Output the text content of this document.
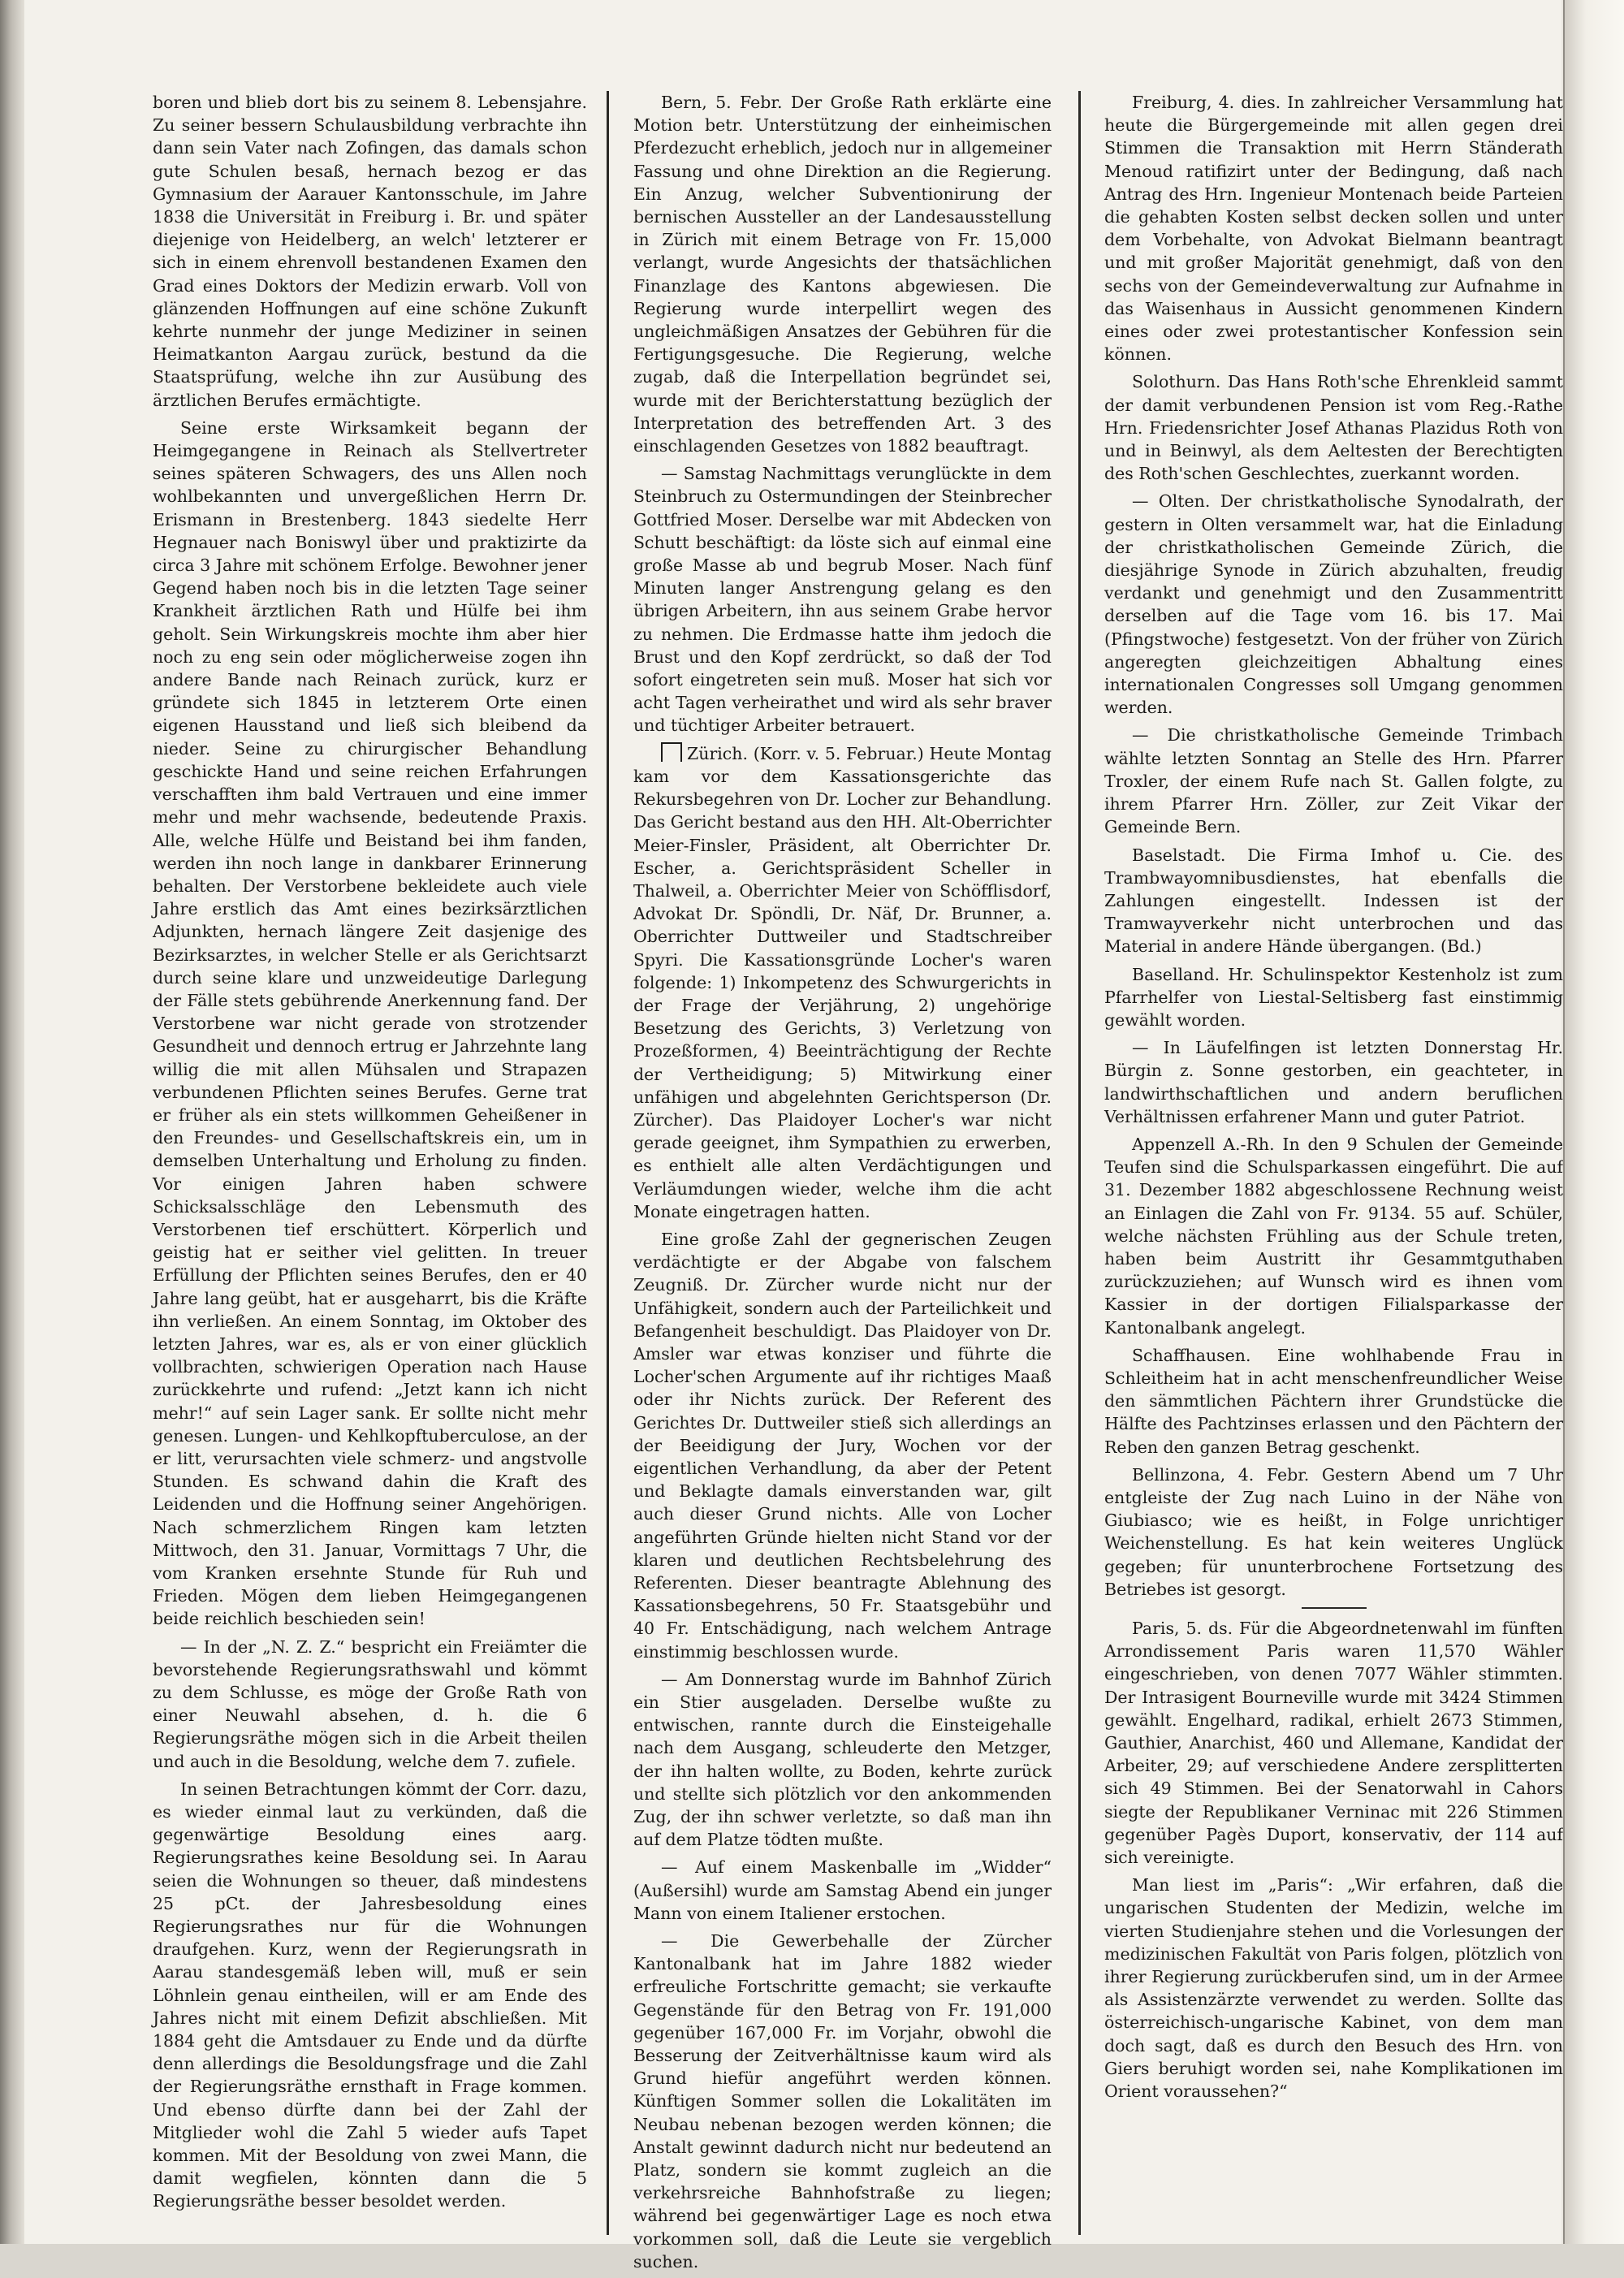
boren und blieb dort bis zu seinem 8. Lebensjahre. Zu seiner bessern Schulausbildung verbrachte ihn dann sein Vater nach Zofingen, das damals schon gute Schulen besaß, hernach bezog er das Gymnasium der Aarauer Kantonsschule, im Jahre 1838 die Universität in Freiburg i. Br. und später diejenige von Heidelberg, an welch' letzterer er sich in einem ehrenvoll bestandenen Examen den Grad eines Doktors der Medizin erwarb. Voll von glänzenden Hoffnungen auf eine schöne Zukunft kehrte nunmehr der junge Mediziner in seinen Heimatkanton Aargau zurück, bestund da die Staatsprüfung, welche ihn zur Ausübung des ärztlichen Berufes ermächtigte.

Seine erste Wirksamkeit begann der Heimgegangene in Reinach als Stellvertreter seines späteren Schwagers, des uns Allen noch wohlbekannten und unvergeßlichen Herrn Dr. Erismann in Brestenberg. 1843 siedelte Herr Hegnauer nach Boniswyl über und praktizirte da circa 3 Jahre mit schönem Erfolge. Bewohner jener Gegend haben noch bis in die letzten Tage seiner Krankheit ärztlichen Rath und Hülfe bei ihm geholt. Sein Wirkungskreis mochte ihm aber hier noch zu eng sein oder möglicherweise zogen ihn andere Bande nach Reinach zurück, kurz er gründete sich 1845 in letzterem Orte einen eigenen Hausstand und ließ sich bleibend da nieder. Seine zu chirurgischer Behandlung geschickte Hand und seine reichen Erfahrungen verschafften ihm bald Vertrauen und eine immer mehr und mehr wachsende, bedeutende Praxis. Alle, welche Hülfe und Beistand bei ihm fanden, werden ihn noch lange in dankbarer Erinnerung behalten. Der Verstorbene bekleidete auch viele Jahre erstlich das Amt eines bezirksärztlichen Adjunkten, hernach längere Zeit dasjenige des Bezirksarztes, in welcher Stelle er als Gerichtsarzt durch seine klare und unzweideutige Darlegung der Fälle stets gebührende Anerkennung fand. Der Verstorbene war nicht gerade von strotzender Gesundheit und dennoch ertrug er Jahrzehnte lang willig die mit allen Mühsalen und Strapazen verbundenen Pflichten seines Berufes. Gerne trat er früher als ein stets willkommen Geheißener in den Freundes- und Gesellschaftskreis ein, um in demselben Unterhaltung und Erholung zu finden. Vor einigen Jahren haben schwere Schicksalsschläge den Lebensmuth des Verstorbenen tief erschüttert. Körperlich und geistig hat er seither viel gelitten. In treuer Erfüllung der Pflichten seines Berufes, den er 40 Jahre lang geübt, hat er ausgeharrt, bis die Kräfte ihn verließen. An einem Sonntag, im Oktober des letzten Jahres, war es, als er von einer glücklich vollbrachten, schwierigen Operation nach Hause zurückkehrte und rufend: „Jetzt kann ich nicht mehr!“ auf sein Lager sank. Er sollte nicht mehr genesen. Lungen- und Kehlkopftuberculose, an der er litt, verursachten viele schmerz- und angstvolle Stunden. Es schwand dahin die Kraft des Leidenden und die Hoffnung seiner Angehörigen. Nach schmerzlichem Ringen kam letzten Mittwoch, den 31. Januar, Vormittags 7 Uhr, die vom Kranken ersehnte Stunde für Ruh und Frieden. Mögen dem lieben Heimgegangenen beide reichlich beschieden sein!

— In der „N. Z. Z.“ bespricht ein Freiämter die bevorstehende Regierungsrathswahl und kömmt zu dem Schlusse, es möge der Große Rath von einer Neuwahl absehen, d. h. die 6 Regierungsräthe mögen sich in die Arbeit theilen und auch in die Besoldung, welche dem 7. zufiele.

In seinen Betrachtungen kömmt der Corr. dazu, es wieder einmal laut zu verkünden, daß die gegenwärtige Besoldung eines aarg. Regierungsrathes keine Besoldung sei. In Aarau seien die Wohnungen so theuer, daß mindestens 25 pCt. der Jahresbesoldung eines Regierungsrathes nur für die Wohnungen draufgehen. Kurz, wenn der Regierungsrath in Aarau standesgemäß leben will, muß er sein Löhnlein genau eintheilen, will er am Ende des Jahres nicht mit einem Defizit abschließen. Mit 1884 geht die Amtsdauer zu Ende und da dürfte denn allerdings die Besoldungsfrage und die Zahl der Regierungsräthe ernsthaft in Frage kommen. Und ebenso dürfte dann bei der Zahl der Mitglieder wohl die Zahl 5 wieder aufs Tapet kommen. Mit der Besoldung von zwei Mann, die damit wegfielen, könnten dann die 5 Regierungsräthe besser besoldet werden.

Bern, 5. Febr. Der Große Rath erklärte eine Motion betr. Unterstützung der einheimischen Pferdezucht erheblich, jedoch nur in allgemeiner Fassung und ohne Direktion an die Regierung. Ein Anzug, welcher Subventionirung der bernischen Aussteller an der Landesausstellung in Zürich mit einem Betrage von Fr. 15,000 verlangt, wurde Angesichts der thatsächlichen Finanzlage des Kantons abgewiesen. Die Regierung wurde interpellirt wegen des ungleichmäßigen Ansatzes der Gebühren für die Fertigungsgesuche. Die Regierung, welche zugab, daß die Interpellation begründet sei, wurde mit der Berichterstattung bezüglich der Interpretation des betreffenden Art. 3 des einschlagenden Gesetzes von 1882 beauftragt.

— Samstag Nachmittags verunglückte in dem Steinbruch zu Ostermundingen der Steinbrecher Gottfried Moser. Derselbe war mit Abdecken von Schutt beschäftigt: da löste sich auf einmal eine große Masse ab und begrub Moser. Nach fünf Minuten langer Anstrengung gelang es den übrigen Arbeitern, ihn aus seinem Grabe hervor zu nehmen. Die Erdmasse hatte ihm jedoch die Brust und den Kopf zerdrückt, so daß der Tod sofort eingetreten sein muß. Moser hat sich vor acht Tagen verheirathet und wird als sehr braver und tüchtiger Arbeiter betrauert.

Zürich. (Korr. v. 5. Februar.) Heute Montag kam vor dem Kassationsgerichte das Rekursbegehren von Dr. Locher zur Behandlung. Das Gericht bestand aus den HH. Alt-Oberrichter Meier-Finsler, Präsident, alt Oberrichter Dr. Escher, a. Gerichtspräsident Scheller in Thalweil, a. Oberrichter Meier von Schöfflisdorf, Advokat Dr. Spöndli, Dr. Näf, Dr. Brunner, a. Oberrichter Duttweiler und Stadtschreiber Spyri. Die Kassationsgründe Locher's waren folgende: 1) Inkompetenz des Schwurgerichts in der Frage der Verjährung, 2) ungehörige Besetzung des Gerichts, 3) Verletzung von Prozeßformen, 4) Beeinträchtigung der Rechte der Vertheidigung; 5) Mitwirkung einer unfähigen und abgelehnten Gerichtsperson (Dr. Zürcher). Das Plaidoyer Locher's war nicht gerade geeignet, ihm Sympathien zu erwerben, es enthielt alle alten Verdächtigungen und Verläumdungen wieder, welche ihm die acht Monate eingetragen hatten.

Eine große Zahl der gegnerischen Zeugen verdächtigte er der Abgabe von falschem Zeugniß. Dr. Zürcher wurde nicht nur der Unfähigkeit, sondern auch der Parteilichkeit und Befangenheit beschuldigt. Das Plaidoyer von Dr. Amsler war etwas konziser und führte die Locher'schen Argumente auf ihr richtiges Maaß oder ihr Nichts zurück. Der Referent des Gerichtes Dr. Duttweiler stieß sich allerdings an der Beeidigung der Jury, Wochen vor der eigentlichen Verhandlung, da aber der Petent und Beklagte damals einverstanden war, gilt auch dieser Grund nichts. Alle von Locher angeführten Gründe hielten nicht Stand vor der klaren und deutlichen Rechtsbelehrung des Referenten. Dieser beantragte Ablehnung des Kassationsbegehrens, 50 Fr. Staatsgebühr und 40 Fr. Entschädigung, nach welchem Antrage einstimmig beschlossen wurde.

— Am Donnerstag wurde im Bahnhof Zürich ein Stier ausgeladen. Derselbe wußte zu entwischen, rannte durch die Einsteigehalle nach dem Ausgang, schleuderte den Metzger, der ihn halten wollte, zu Boden, kehrte zurück und stellte sich plötzlich vor den ankommenden Zug, der ihn schwer verletzte, so daß man ihn auf dem Platze tödten mußte.

— Auf einem Maskenballe im „Widder“ (Außersihl) wurde am Samstag Abend ein junger Mann von einem Italiener erstochen.

— Die Gewerbehalle der Zürcher Kantonalbank hat im Jahre 1882 wieder erfreuliche Fortschritte gemacht; sie verkaufte Gegenstände für den Betrag von Fr. 191,000 gegenüber 167,000 Fr. im Vorjahr, obwohl die Besserung der Zeitverhältnisse kaum wird als Grund hiefür angeführt werden können. Künftigen Sommer sollen die Lokalitäten im Neubau nebenan bezogen werden können; die Anstalt gewinnt dadurch nicht nur bedeutend an Platz, sondern sie kommt zugleich an die verkehrsreiche Bahnhofstraße zu liegen; während bei gegenwärtiger Lage es noch etwa vorkommen soll, daß die Leute sie vergeblich suchen.

Freiburg, 4. dies. In zahlreicher Versammlung hat heute die Bürgergemeinde mit allen gegen drei Stimmen die Transaktion mit Herrn Ständerath Menoud ratifizirt unter der Bedingung, daß nach Antrag des Hrn. Ingenieur Montenach beide Parteien die gehabten Kosten selbst decken sollen und unter dem Vorbehalte, von Advokat Bielmann beantragt und mit großer Majorität genehmigt, daß von den sechs von der Gemeindeverwaltung zur Aufnahme in das Waisenhaus in Aussicht genommenen Kindern eines oder zwei protestantischer Konfession sein können.

Solothurn. Das Hans Roth'sche Ehrenkleid sammt der damit verbundenen Pension ist vom Reg.-Rathe Hrn. Friedensrichter Josef Athanas Plazidus Roth von und in Beinwyl, als dem Aeltesten der Berechtigten des Roth'schen Geschlechtes, zuerkannt worden.

— Olten. Der christkatholische Synodalrath, der gestern in Olten versammelt war, hat die Einladung der christkatholischen Gemeinde Zürich, die diesjährige Synode in Zürich abzuhalten, freudig verdankt und genehmigt und den Zusammentritt derselben auf die Tage vom 16. bis 17. Mai (Pfingstwoche) festgesetzt. Von der früher von Zürich angeregten gleichzeitigen Abhaltung eines internationalen Congresses soll Umgang genommen werden.

— Die christkatholische Gemeinde Trimbach wählte letzten Sonntag an Stelle des Hrn. Pfarrer Troxler, der einem Rufe nach St. Gallen folgte, zu ihrem Pfarrer Hrn. Zöller, zur Zeit Vikar der Gemeinde Bern.

Baselstadt. Die Firma Imhof u. Cie. des Trambwayomnibusdienstes, hat ebenfalls die Zahlungen eingestellt. Indessen ist der Tramwayverkehr nicht unterbrochen und das Material in andere Hände übergangen. (Bd.)

Baselland. Hr. Schulinspektor Kestenholz ist zum Pfarrhelfer von Liestal-Seltisberg fast einstimmig gewählt worden.

— In Läufelfingen ist letzten Donnerstag Hr. Bürgin z. Sonne gestorben, ein geachteter, in landwirthschaftlichen und andern beruflichen Verhältnissen erfahrener Mann und guter Patriot.

Appenzell A.-Rh. In den 9 Schulen der Gemeinde Teufen sind die Schulsparkassen eingeführt. Die auf 31. Dezember 1882 abgeschlossene Rechnung weist an Einlagen die Zahl von Fr. 9134. 55 auf. Schüler, welche nächsten Frühling aus der Schule treten, haben beim Austritt ihr Gesammtguthaben zurückzuziehen; auf Wunsch wird es ihnen vom Kassier in der dortigen Filialsparkasse der Kantonalbank angelegt.

Schaffhausen. Eine wohlhabende Frau in Schleitheim hat in acht menschenfreundlicher Weise den sämmtlichen Pächtern ihrer Grundstücke die Hälfte des Pachtzinses erlassen und den Pächtern der Reben den ganzen Betrag geschenkt.

Bellinzona, 4. Febr. Gestern Abend um 7 Uhr entgleiste der Zug nach Luino in der Nähe von Giubiasco; wie es heißt, in Folge unrichtiger Weichenstellung. Es hat kein weiteres Unglück gegeben; für ununterbrochene Fortsetzung des Betriebes ist gesorgt.

Paris, 5. ds. Für die Abgeordnetenwahl im fünften Arrondissement Paris waren 11,570 Wähler eingeschrieben, von denen 7077 Wähler stimmten. Der Intrasigent Bourneville wurde mit 3424 Stimmen gewählt. Engelhard, radikal, erhielt 2673 Stimmen, Gauthier, Anarchist, 460 und Allemane, Kandidat der Arbeiter, 29; auf verschiedene Andere zersplitterten sich 49 Stimmen. Bei der Senatorwahl in Cahors siegte der Republikaner Verninac mit 226 Stimmen gegenüber Pagès Duport, konservativ, der 114 auf sich vereinigte.

Man liest im „Paris“: „Wir erfahren, daß die ungarischen Studenten der Medizin, welche im vierten Studienjahre stehen und die Vorlesungen der medizinischen Fakultät von Paris folgen, plötzlich von ihrer Regierung zurückberufen sind, um in der Armee als Assistenzärzte verwendet zu werden. Sollte das österreichisch-ungarische Kabinet, von dem man doch sagt, daß es durch den Besuch des Hrn. von Giers beruhigt worden sei, nahe Komplikationen im Orient voraussehen?“
